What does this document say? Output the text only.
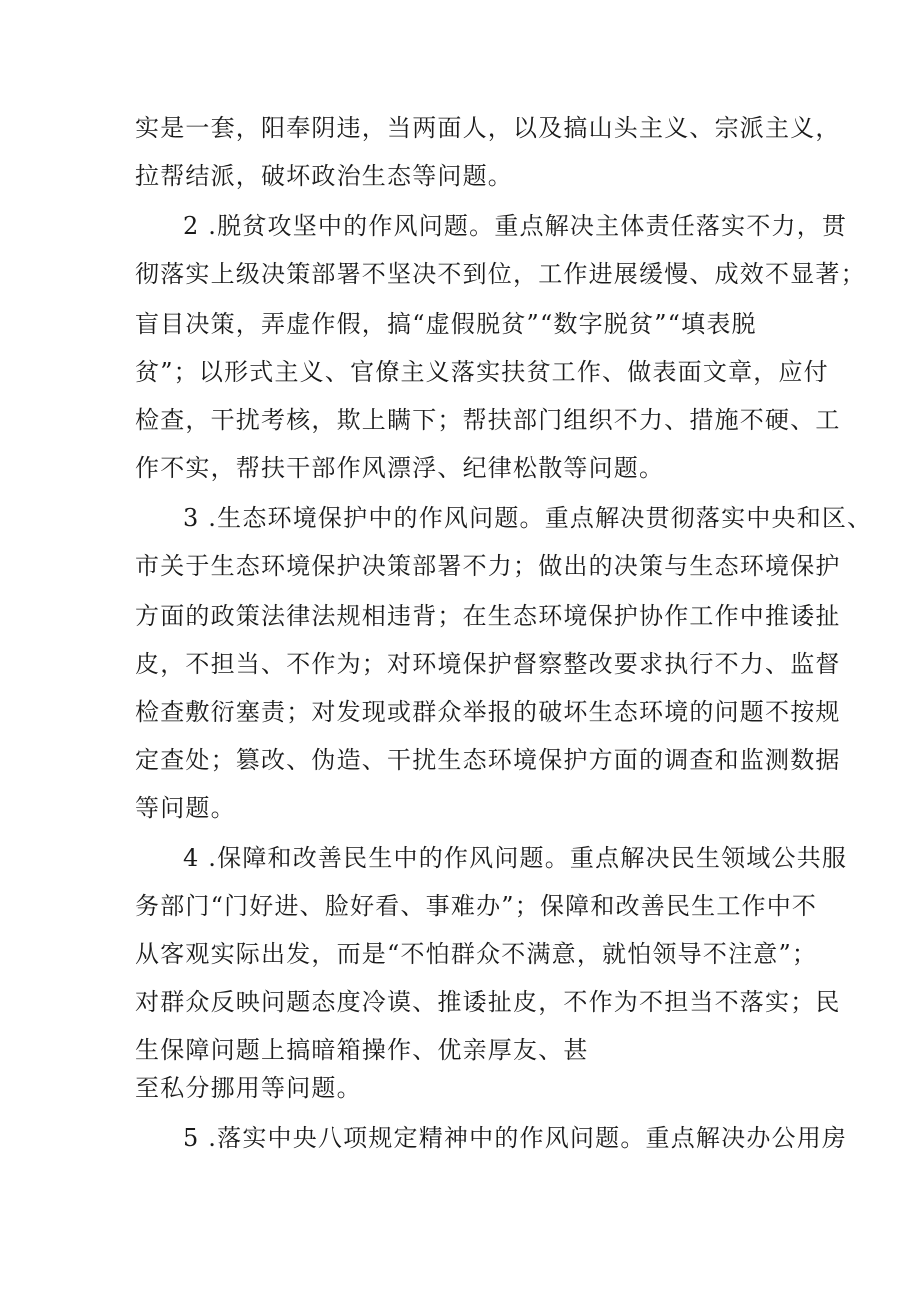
实是一套，阳奉阴违，当两面人，以及搞山头主义、宗派主义，
拉帮结派，破坏政治生态等问题。
2 .脱贫攻坚中的作风问题。重点解决主体责任落实不力，贯
彻落实上级决策部署不坚决不到位，工作进展缓慢、成效不显著；
盲目决策，弄虚作假，搞“虚假脱贫”“数字脱贫”“填表脱
贫”；以形式主义、官僚主义落实扶贫工作、做表面文章，应付
检查，干扰考核，欺上瞒下；帮扶部门组织不力、措施不硬、工
作不实，帮扶干部作风漂浮、纪律松散等问题。
3 .生态环境保护中的作风问题。重点解决贯彻落实中央和区、
市关于生态环境保护决策部署不力；做出的决策与生态环境保护
方面的政策法律法规相违背；在生态环境保护协作工作中推诿扯
皮，不担当、不作为；对环境保护督察整改要求执行不力、监督
检查敷衍塞责；对发现或群众举报的破坏生态环境的问题不按规
定查处；篡改、伪造、干扰生态环境保护方面的调查和监测数据
等问题。
4 .保障和改善民生中的作风问题。重点解决民生领域公共服
务部门“门好进、脸好看、事难办”；保障和改善民生工作中不
从客观实际出发，而是“不怕群众不满意，就怕领导不注意”；
对群众反映问题态度冷谟、推诿扯皮，不作为不担当不落实；民
生保障问题上搞暗箱操作、优亲厚友、甚
至私分挪用等问题。
5 .落实中央八项规定精神中的作风问题。重点解决办公用房
